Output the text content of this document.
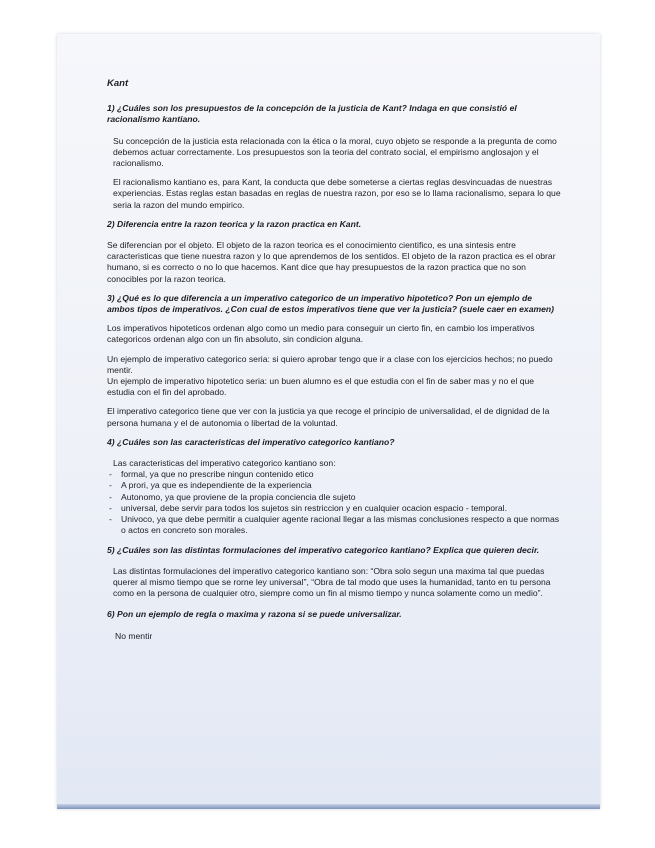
Kant
1) ¿Cuáles son los presupuestos de la concepción de la justicia de Kant? Indaga en que consistió el racionalismo kantiano.
Su concepción de la justicia esta relacionada con la ética o la moral, cuyo objeto se responde a la pregunta de como debemos actuar correctamente. Los presupuestos son la teoria del contrato social, el empirismo anglosajon y el racionalismo.
El racionalismo kantiano es, para Kant, la conducta que debe someterse a ciertas reglas desvincuadas de nuestras experiencias. Estas reglas estan basadas en reglas de nuestra razon, por eso se lo llama racionalismo, separa lo que seria la razon del mundo empirico.
2) Diferencia entre la razon teorica y la razon practica en Kant.
Se diferencian por el objeto. El objeto de la razon teorica es el conocimiento cientifico, es una sintesis entre caracteristicas que tiene nuestra razon y lo que aprendemos de los sentidos. El objeto de la razon practica es el obrar humano, si es correcto o no lo que hacemos. Kant dice que hay presupuestos de la razon practica que no son conocibles por la razon teorica.
3) ¿Qué es lo que diferencia a un imperativo categorico de un imperativo hipotetico? Pon un ejemplo de ambos tipos de imperativos. ¿Con cual de estos imperativos tiene que ver la justicia? (suele caer en examen)
Los imperativos hipoteticos ordenan algo como un medio para conseguir un cierto fin, en cambio los imperativos categoricos ordenan algo con un fin absoluto, sin condicion alguna.
Un ejemplo de imperativo categorico seria: si quiero aprobar tengo que ir a clase con los ejercicios hechos; no puedo mentir.
Un ejemplo de imperativo hipotetico seria: un buen alumno es el que estudia con el fin de saber mas y no el que estudia con el fin del aprobado.
El imperativo categorico tiene que ver con la justicia ya que recoge el principio de universalidad, el de dignidad de la persona humana y el de autonomia o libertad de la voluntad.
4) ¿Cuáles son las caracteristicas del imperativo categorico kantiano?
Las caracteristicas del imperativo categorico kantiano son:
- formal, ya que no prescribe ningun contenido etico
- A prori, ya que es independiente de la experiencia
- Autonomo, ya que proviene de la propia conciencia dle sujeto
- universal, debe servir para todos los sujetos sin restriccion y en cualquier ocacion espacio - temporal.
- Univoco, ya que debe permitir a cualquier agente racional llegar a las mismas conclusiones respecto a que normas o actos en concreto son morales.
5) ¿Cuáles son las distintas formulaciones del imperativo categorico kantiano? Explica que quieren decir.
Las distintas formulaciones del imperativo categorico kantiano son: “Obra solo segun una maxima tal que puedas querer al mismo tiempo que se rorne ley universal”, “Obra de tal modo que uses la humanidad, tanto en tu persona como en la persona de cualquier otro, siempre como un fin al mismo tiempo y nunca solamente como un medio”.
6) Pon un ejemplo de regla o maxima y razona si se puede universalizar.
No mentir
